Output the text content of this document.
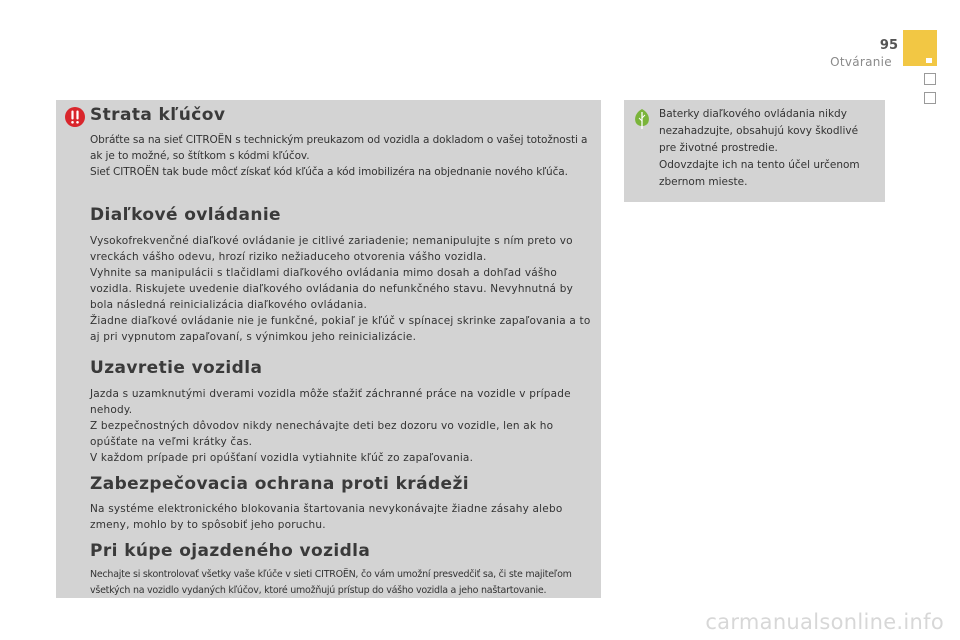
95
Otváranie
Strata kľúčov

Obráťte sa na sieť CITROËN s technickým preukazom od vozidla a dokladom o vašej totožnosti a ak je to možné, so štítkom s kódmi kľúčov.

Sieť CITROËN tak bude môcť získať kód kľúča a kód imobilizéra na objednanie nového kľúča.

Diaľkové ovládanie

Vysokofrekvenčné diaľkové ovládanie je citlivé zariadenie; nemanipulujte s ním preto vo vreckách vášho odevu, hrozí riziko nežiaduceho otvorenia vášho vozidla.

Vyhnite sa manipulácii s tlačidlami diaľkového ovládania mimo dosah a dohľad vášho vozidla. Riskujete uvedenie diaľkového ovládania do nefunkčného stavu. Nevyhnutná by bola následná reinicializácia diaľkového ovládania.

Žiadne diaľkové ovládanie nie je funkčné, pokiaľ je kľúč v spínacej skrinke zapaľovania a to aj pri vypnutom zapaľovaní, s výnimkou jeho reinicializácie.

Uzavretie vozidla

Jazda s uzamknutými dverami vozidla môže sťažiť záchranné práce na vozidle v prípade nehody.

Z bezpečnostných dôvodov nikdy nenechávajte deti bez dozoru vo vozidle, len ak ho opúšťate na veľmi krátky čas.

V každom prípade pri opúšťaní vozidla vytiahnite kľúč zo zapaľovania.

Zabezpečovacia ochrana proti krádeži

Na systéme elektronického blokovania štartovania nevykonávajte žiadne zásahy alebo zmeny, mohlo by to spôsobiť jeho poruchu.

Pri kúpe ojazdeného vozidla

Nechajte si skontrolovať všetky vaše kľúče v sieti CITROËN, čo vám umožní presvedčiť sa, či ste majiteľom všetkých na vozidlo vydaných kľúčov, ktoré umožňujú prístup do vášho vozidla a jeho naštartovanie.

Baterky diaľkového ovládania nikdy nezahadzujte, obsahujú kovy škodlivé pre životné prostredie.
Odovzdajte ich na tento účel určenom zbernom mieste.
carmanualsonline.info
